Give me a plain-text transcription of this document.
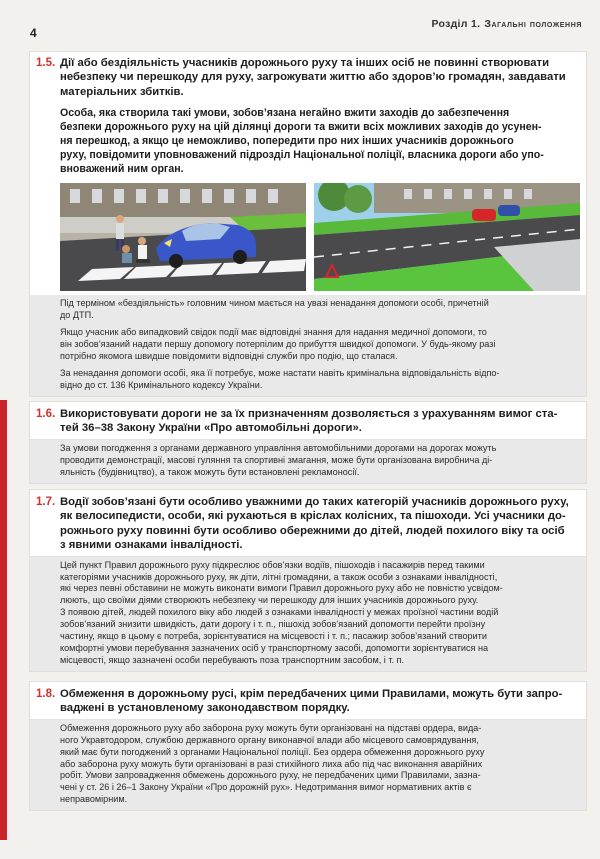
4
Розділ 1. Загальні положення
1.5. Дії або бездіяльність учасників дорожнього руху та інших осіб не повинні створювати
небезпеку чи перешкоду для руху, загрожувати життю або здоров’ю громадян, завдавати
матеріальних збитків.
Особа, яка створила такі умови, зобов’язана негайно вжити заходів до забезпечення
безпеки дорожнього руху на цій ділянці дороги та вжити всіх можливих заходів до усунен-
ня перешкод, а якщо це неможливо, попередити про них інших учасників дорожнього
руху, повідомити уповноважений підрозділ Національної поліції, власника дороги або упо-
вноважений ним орган.

Під терміном «бездіяльність» головним чином мається на увазі ненадання допомоги особі, причетній
до ДТП.

Якщо учасник або випадковий свідок події має відповідні знання для надання медичної допомоги, то
він зобов’язаний надати першу допомогу потерпілим до прибуття швидкої допомоги. У будь-якому разі
потрібно якомога швидше повідомити відповідні служби про подію, що сталася.

За ненадання допомоги особі, яка її потребує, може настати навіть кримінальна відповідальність відпо-
відно до ст. 136 Кримінального кодексу України.

1.6. Використовувати дороги не за їх призначенням дозволяється з урахуванням вимог ста-
тей 36–38 Закону України «Про автомобільні дороги».

За умови погодження з органами державного управління автомобільними дорогами на дорогах можуть
проводити демонстрації, масові гуляння та спортивні змагання, може бути організована виробнича ді-
яльність (будівництво), а також можуть бути встановлені рекламоносії.

1.7. Водії зобов’язані бути особливо уважними до таких категорій учасників дорожнього руху,
як велосипедисти, особи, які рухаються в кріслах колісних, та пішоходи. Усі учасники до-
рожнього руху повинні бути особливо обережними до дітей, людей похилого віку та осіб
з явними ознаками інвалідності.

Цей пункт Правил дорожнього руху підкреслює обов’язки водіїв, пішоходів і пасажирів перед такими
категоріями учасників дорожнього руху, як діти, літні громадяни, а також особи з ознаками інвалідності,
які через певні обставини не можуть виконати вимоги Правил дорожнього руху або не повністю усвідом-
люють, що своїми діями створюють небезпеку чи перешкоду для інших учасників дорожнього руху.
З появою дітей, людей похилого віку або людей з ознаками інвалідності у межах проїзної частини водій
зобов’язаний знизити швидкість, дати дорогу і т. п., пішохід зобов’язаний допомогти перейти проїзну
частину, якщо в цьому є потреба, зорієнтуватися на місцевості і т. п.; пасажир зобов’язаний створити
комфортні умови перебування зазначених осіб у транспортному засобі, допомогти зорієнтуватися на
місцевості, якщо зазначені особи перебувають поза транспортним засобом, і т. п.

1.8. Обмеження в дорожньому русі, крім передбачених цими Правилами, можуть бути запро-
ваджені в установленому законодавством порядку.

Обмеження дорожнього руху або заборона руху можуть бути організовані на підставі ордера, вида-
ного Укравтодором, службою державного органу виконавчої влади або місцевого самоврядування,
який має бути погоджений з органами Національної поліції. Без ордера обмеження дорожнього руху
або заборона руху можуть бути організовані в разі стихійного лиха або під час виконання аварійних
робіт. Умови запровадження обмежень дорожнього руху, не передбачених цими Правилами, зазна-
чені у ст. 26 і 26–1 Закону України «Про дорожній рух». Недотримання вимог нормативних актів є
неправомірним.
